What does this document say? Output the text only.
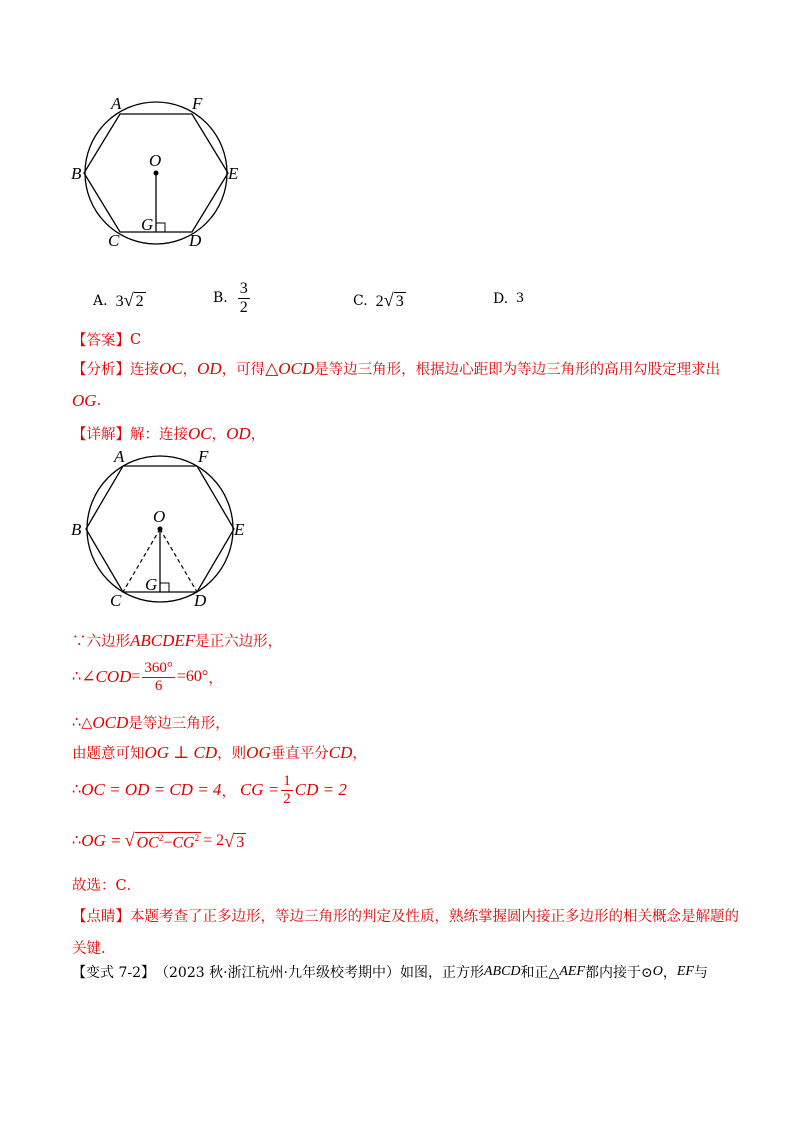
A	F
B	E
O
G
C	D
A. 3 √ 2	B. $\frac{3}{2}$	C. 2 √ 3	D. 3
【答案】 C
【分析】 连接 OC ， OD ，可得 △ OCD 是等边三角形，根据边心距即为等边三角形的高用勾股定理求出
OG .
【详解】 解：连接 OC ， OD ，
A	F
B	E
O
G
C	D
∵六边形 ABCDEF 是正六边形，
∴ ∠COD = $\frac{360^\circ}{6} =60^\circ$ ，
∴△ OCD 是等边三角形，
由题意可知 OG ⊥ CD ，则 OG 垂直平分 CD ，
∴ OC = OD = CD = 4 ， CG = $\frac{1}{2}$ CD = 2
∴ OG = √ $OC^2-CG^2 = 2$ √ 3
故选：C．
【点睛】 本题考查了正多边形，等边三角形的判定及性质，熟练掌握圆内接正多边形的相关概念是解题的
关键.
【变式 7-2】 （2023 秋·浙江杭州·九年级校考期中） 如图，正方形 ABCD 和正△ AEF 都内接于⊙ O ， EF 与
